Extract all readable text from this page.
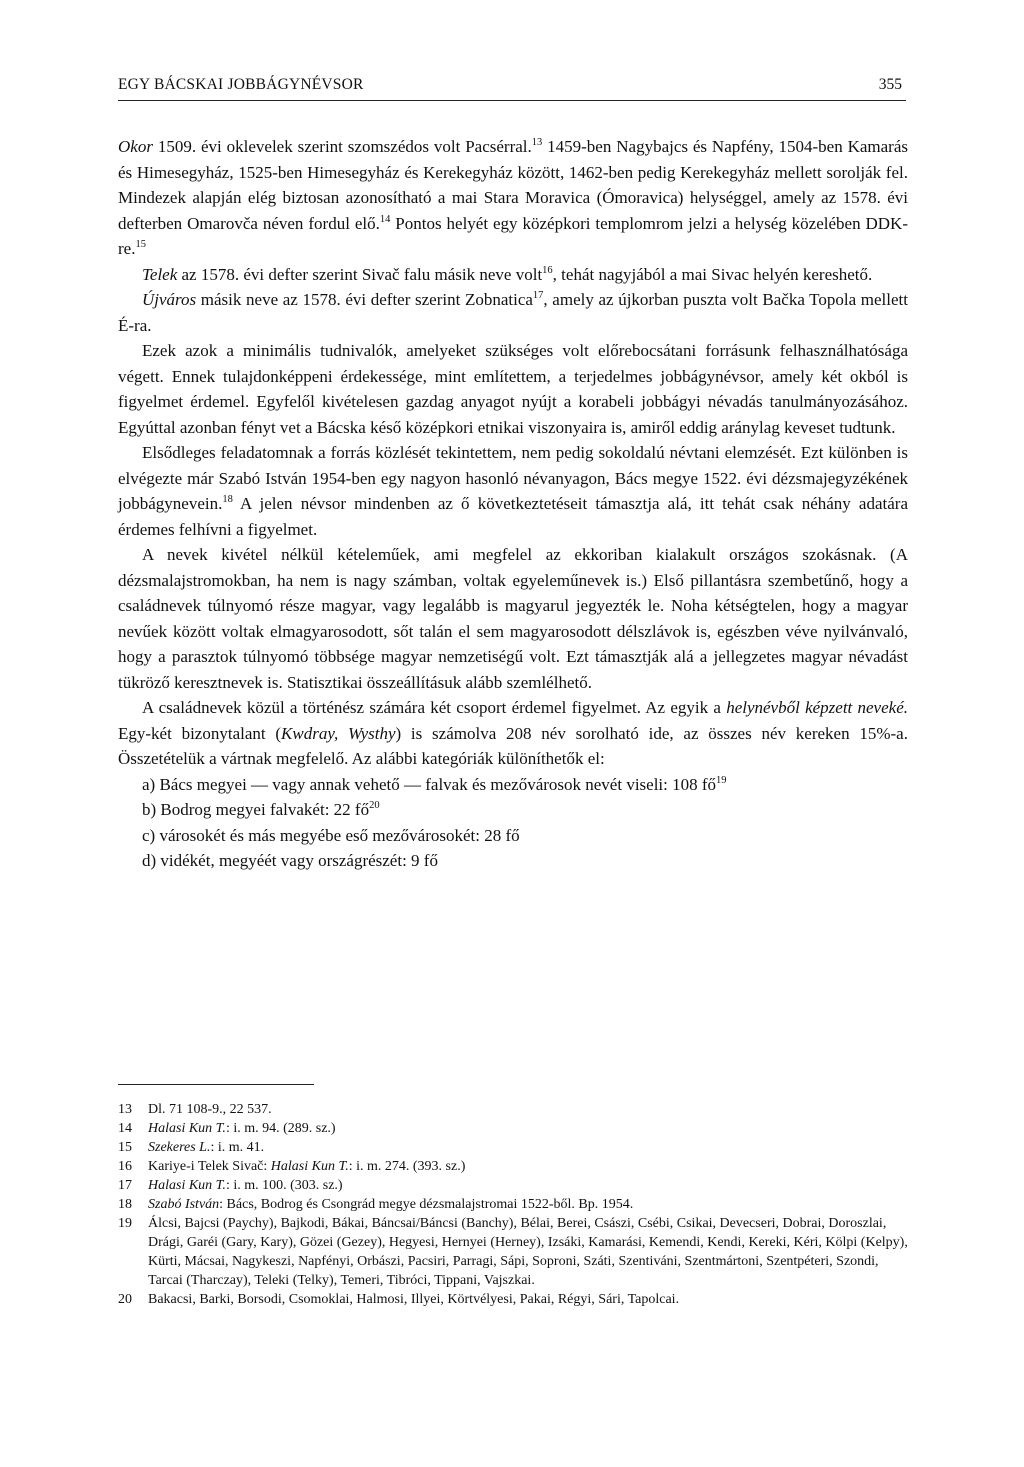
EGY BÁCSKAI JOBBÁGYNÉVSOR	355

Okor 1509. évi oklevelek szerint szomszédos volt Pacsérral.$^{13}$ 1459-ben Nagybajcs és Napfény, 1504-ben Kamarás és Himesegyház, 1525-ben Himesegyház és Kerekegyház között, 1462-ben pedig Kerekegyház mellett sorolják fel. Mindezek alapján elég biztosan azonosítható a mai Stara Moravica (Ómoravica) helységgel, amely az 1578. évi defterben Omarovča néven fordul elő.$^{14}$ Pontos helyét egy középkori templomrom jelzi a helység közelében DDK-re.$^{15}$

Telek az 1578. évi defter szerint Sivač falu másik neve volt$^{16}$, tehát nagyjából a mai Sivac helyén kereshető.

Újváros másik neve az 1578. évi defter szerint Zobnatica$^{17}$, amely az újkorban puszta volt Bačka Topola mellett É-ra.

Ezek azok a minimális tudnivalók, amelyeket szükséges volt előrebocsátani forrásunk felhasználhatósága végett. Ennek tulajdonképpeni érdekessége, mint említettem, a terjedelmes jobbágynévsor, amely két okból is figyelmet érdemel. Egyfelől kivételesen gazdag anyagot nyújt a korabeli jobbágyi névadás tanulmányozásához. Egyúttal azonban fényt vet a Bácska késő középkori etnikai viszonyaira is, amiről eddig aránylag keveset tudtunk.

Elsődleges feladatomnak a forrás közlését tekintettem, nem pedig sokoldalú névtani elemzését. Ezt különben is elvégezte már Szabó István 1954-ben egy nagyon hasonló névanyagon, Bács megye 1522. évi dézsmajegyzékének jobbágynevein.$^{18}$ A jelen névsor mindenben az ő következtetéseit támasztja alá, itt tehát csak néhány adatára érdemes felhívni a figyelmet.

A nevek kivétel nélkül kételeműek, ami megfelel az ekkoriban kialakult országos szokásnak. (A dézsmalajstromokban, ha nem is nagy számban, voltak egyeleműnevek is.) Első pillantásra szembetűnő, hogy a családnevek túlnyomó része magyar, vagy legalább is magyarul jegyezték le. Noha kétségtelen, hogy a magyar nevűek között voltak elmagyarosodott, sőt talán el sem magyarosodott délszlávok is, egészben véve nyilvánvaló, hogy a parasztok túlnyomó többsége magyar nemzetiségű volt. Ezt támasztják alá a jellegzetes magyar névadást tükröző keresztnevek is. Statisztikai összeállításuk alább szemlélhető.

A családnevek közül a történész számára két csoport érdemel figyelmet. Az egyik a helynévből képzett neveké. Egy-két bizonytalant (Kwdray, Wysthy) is számolva 208 név sorolható ide, az összes név kereken 15%-a. Összetételük a vártnak megfelelő. Az alábbi kategóriák különíthetők el:

a) Bács megyei — vagy annak vehető — falvak és mezővárosok nevét viseli: 108 $fő^{19}$

b) Bodrog megyei falvakét: 22 $fő^{20}$

c) városokét és más megyébe eső mezővárosokét: 28 fő

d) vidékét, megyéét vagy országrészét: 9 fő

13	Dl. 71 108-9., 22 537.
14	Halasi Kun T.: i. m. 94. (289. sz.)
15	Szekeres L.: i. m. 41.
16	Kariye-i Telek Sivač: Halasi Kun T.: i. m. 274. (393. sz.)
17	Halasi Kun T.: i. m. 100. (303. sz.)
18	Szabó István: Bács, Bodrog és Csongrád megye dézsmalajstromai 1522-ből. Bp. 1954.
19	Álcsi, Bajcsi (Paychy), Bajkodi, Bákai, Báncsai/Báncsi (Banchy), Bélai, Berei, Császi, Csébi, Csikai, Devecseri, Dobrai, Doroszlai, Drági, Garéi (Gary, Kary), Gözei (Gezey), Hegyesi, Hernyei (Herney), Izsáki, Kamarási, Kemendi, Kendi, Kereki, Kéri, Kölpi (Kelpy), Kürti, Mácsai, Nagykeszi, Napfényi, Orbászi, Pacsiri, Parragi, Sápi, Soproni, Száti, Szentiváni, Szentmártoni, Szentpéteri, Szondi, Tarcai (Tharczay), Teleki (Telky), Temeri, Tibróci, Tippani, Vajszkai.
20	Bakacsi, Barki, Borsodi, Csomoklai, Halmosi, Illyei, Körtvélyesi, Pakai, Régyi, Sári, Tapolcai.
